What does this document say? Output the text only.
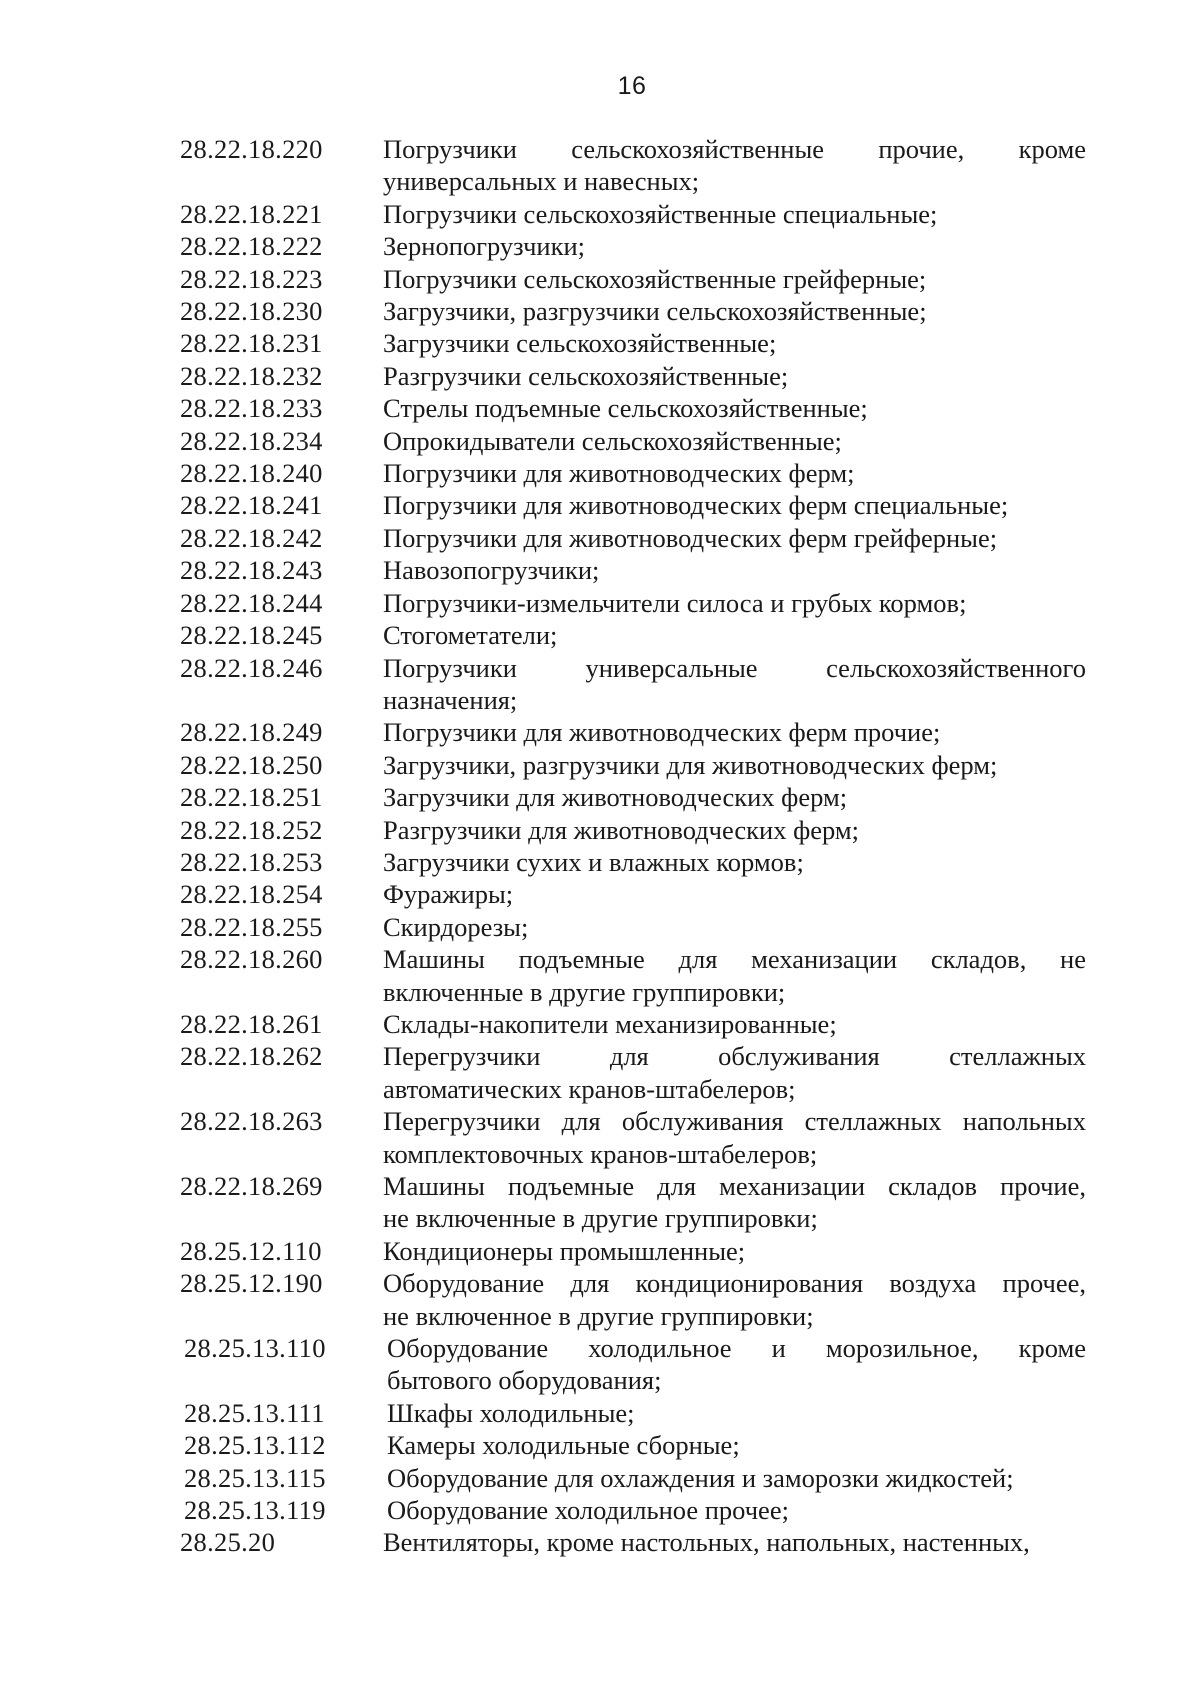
16
28.22.18.220	Погрузчики сельскохозяйственные прочие, кроме
универсальных и навесных;
28.22.18.221	Погрузчики сельскохозяйственные специальные;
28.22.18.222	Зернопогрузчики;
28.22.18.223	Погрузчики сельскохозяйственные грейферные;
28.22.18.230	Загрузчики, разгрузчики сельскохозяйственные;
28.22.18.231	Загрузчики сельскохозяйственные;
28.22.18.232	Разгрузчики сельскохозяйственные;
28.22.18.233	Стрелы подъемные сельскохозяйственные;
28.22.18.234	Опрокидыватели сельскохозяйственные;
28.22.18.240	Погрузчики для животноводческих ферм;
28.22.18.241	Погрузчики для животноводческих ферм специальные;
28.22.18.242	Погрузчики для животноводческих ферм грейферные;
28.22.18.243	Навозопогрузчики;
28.22.18.244	Погрузчики-измельчители силоса и грубых кормов;
28.22.18.245	Стогометатели;
28.22.18.246	Погрузчики универсальные сельскохозяйственного
назначения;
28.22.18.249	Погрузчики для животноводческих ферм прочие;
28.22.18.250	Загрузчики, разгрузчики для животноводческих ферм;
28.22.18.251	Загрузчики для животноводческих ферм;
28.22.18.252	Разгрузчики для животноводческих ферм;
28.22.18.253	Загрузчики сухих и влажных кормов;
28.22.18.254	Фуражиры;
28.22.18.255	Скирдорезы;
28.22.18.260	Машины подъемные для механизации складов, не
включенные в другие группировки;
28.22.18.261	Склады-накопители механизированные;
28.22.18.262	Перегрузчики для обслуживания стеллажных
автоматических кранов-штабелеров;
28.22.18.263	Перегрузчики для обслуживания стеллажных напольных
комплектовочных кранов-штабелеров;
28.22.18.269	Машины подъемные для механизации складов прочие,
не включенные в другие группировки;
28.25.12.110	Кондиционеры промышленные;
28.25.12.190	Оборудование для кондиционирования воздуха прочее,
не включенное в другие группировки;
28.25.13.110	Оборудование холодильное и морозильное, кроме
бытового оборудования;
28.25.13.111	Шкафы холодильные;
28.25.13.112	Камеры холодильные сборные;
28.25.13.115	Оборудование для охлаждения и заморозки жидкостей;
28.25.13.119	Оборудование холодильное прочее;
28.25.20	Вентиляторы, кроме настольных, напольных, настенных,
